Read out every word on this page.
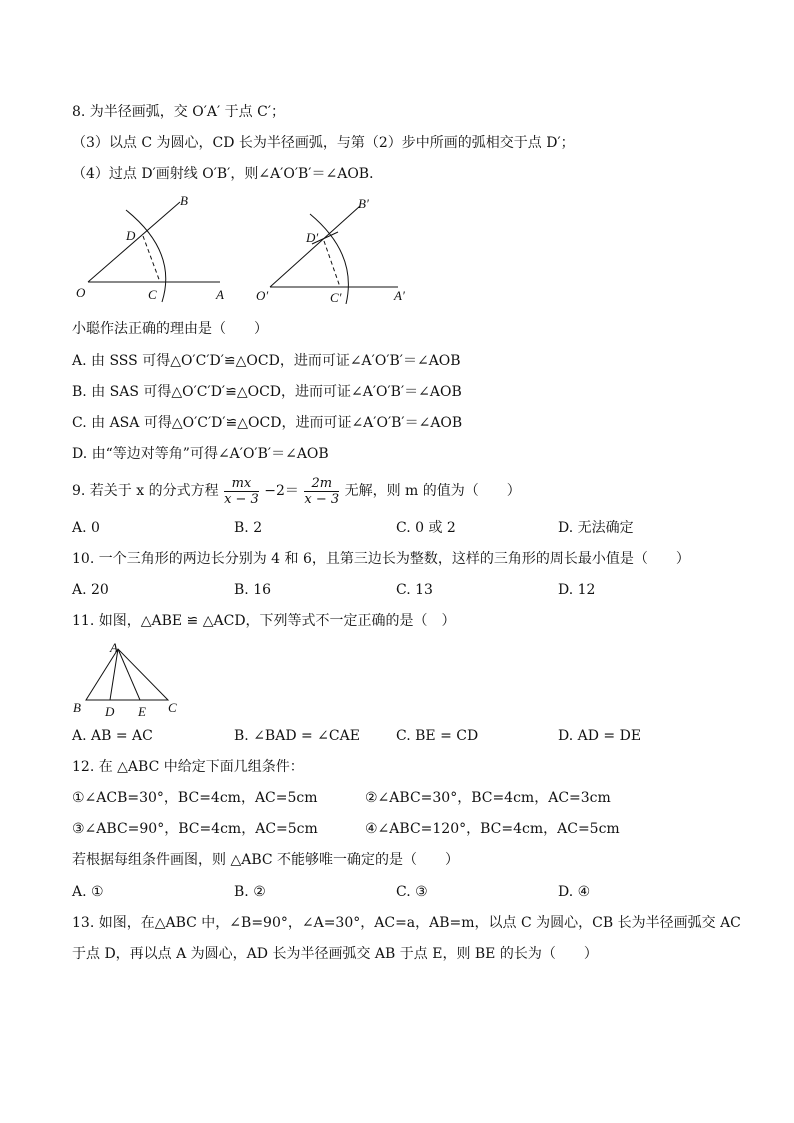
8. 为半径画弧，交 O′A′ 于点 C′；
（3）以点 C 为圆心，CD 长为半径画弧，与第（2）步中所画的弧相交于点 D′；
（4）过点 D′画射线 O′B′，则∠A′O′B′＝∠AOB．
B
D
O	C	A
B′
D′
O′	C′	A′
小聪作法正确的理由是（　　）
A. 由 SSS 可得△O′C′D′≌△OCD，进而可证∠A′O′B′＝∠AOB
B. 由 SAS 可得△O′C′D′≌△OCD，进而可证∠A′O′B′＝∠AOB
C. 由 ASA 可得△O′C′D′≌△OCD，进而可证∠A′O′B′＝∠AOB
D. 由“等边对等角”可得∠A′O′B′＝∠AOB
9. 若关于 x 的分式方程 $\frac{mx}{x - 3} -2= \frac{2m}{x - 3}$ 无解，则 m 的值为（　　）
A. 0	B. 2	C. 0 或 2	D. 无法确定
10. 一个三角形的两边长分别为 4 和 6，且第三边长为整数，这样的三角形的周长最小值是（　　）
A. 20	B. 16	C. 13	D. 12
11. 如图，△ABE ≌ △ACD，下列等式不一定正确的是（　）
A
B D E C
A. AB = AC	B. ∠BAD = ∠CAE	C. BE = CD	D. AD = DE
12. 在 △ABC 中给定下面几组条件：
①∠ACB=30°，BC=4cm，AC=5cm	②∠ABC=30°，BC=4cm，AC=3cm
③∠ABC=90°，BC=4cm，AC=5cm	④∠ABC=120°，BC=4cm，AC=5cm
若根据每组条件画图，则 △ABC 不能够唯一确定的是（　　）
A. ①	B. ②	C. ③	D. ④
13. 如图，在△ABC 中，∠B=90°，∠A=30°，AC=a，AB=m，以点 C 为圆心，CB 长为半径画弧交 AC
于点 D，再以点 A 为圆心，AD 长为半径画弧交 AB 于点 E，则 BE 的长为（　　）
